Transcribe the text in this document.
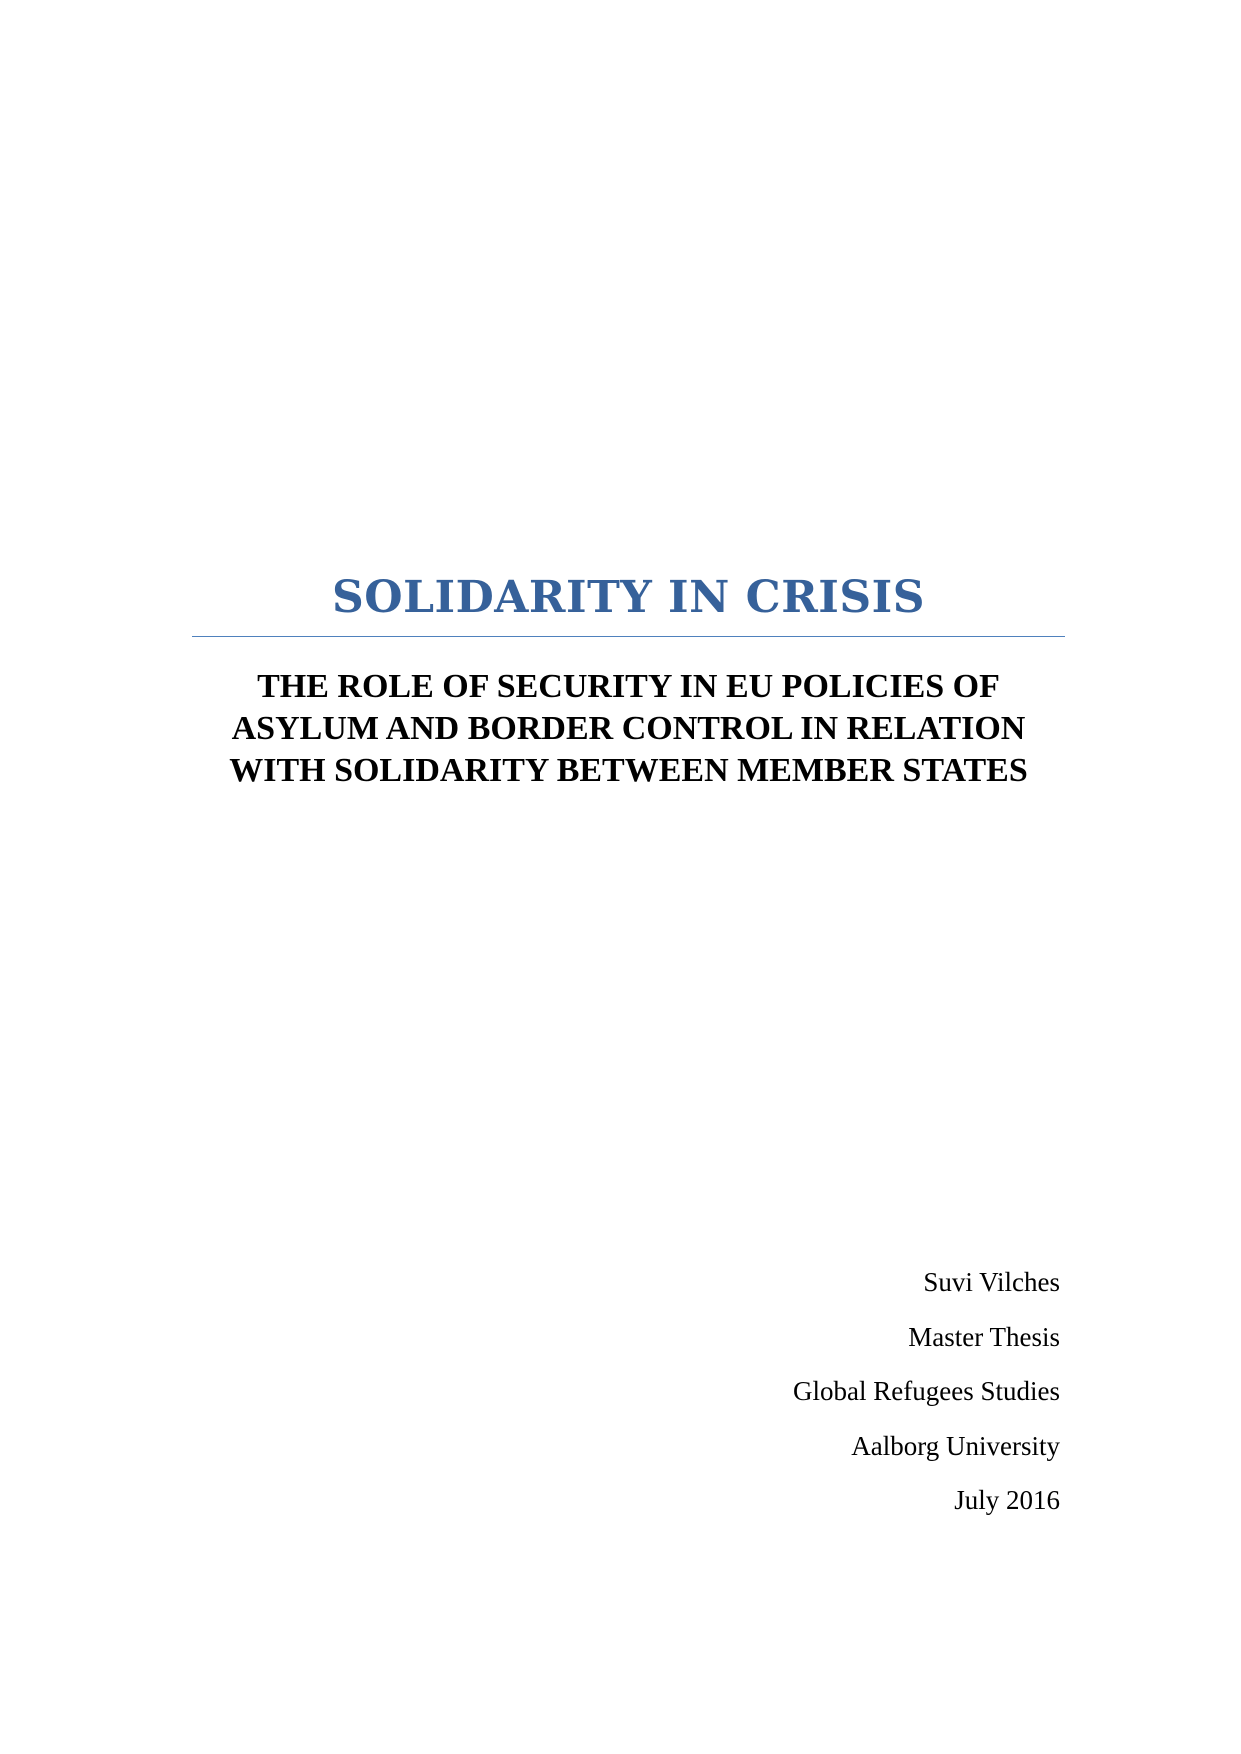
SOLIDARITY IN CRISIS
THE ROLE OF SECURITY IN EU POLICIES OF
ASYLUM AND BORDER CONTROL IN RELATION
WITH SOLIDARITY BETWEEN MEMBER STATES
Suvi Vilches
Master Thesis
Global Refugees Studies
Aalborg University
July 2016
